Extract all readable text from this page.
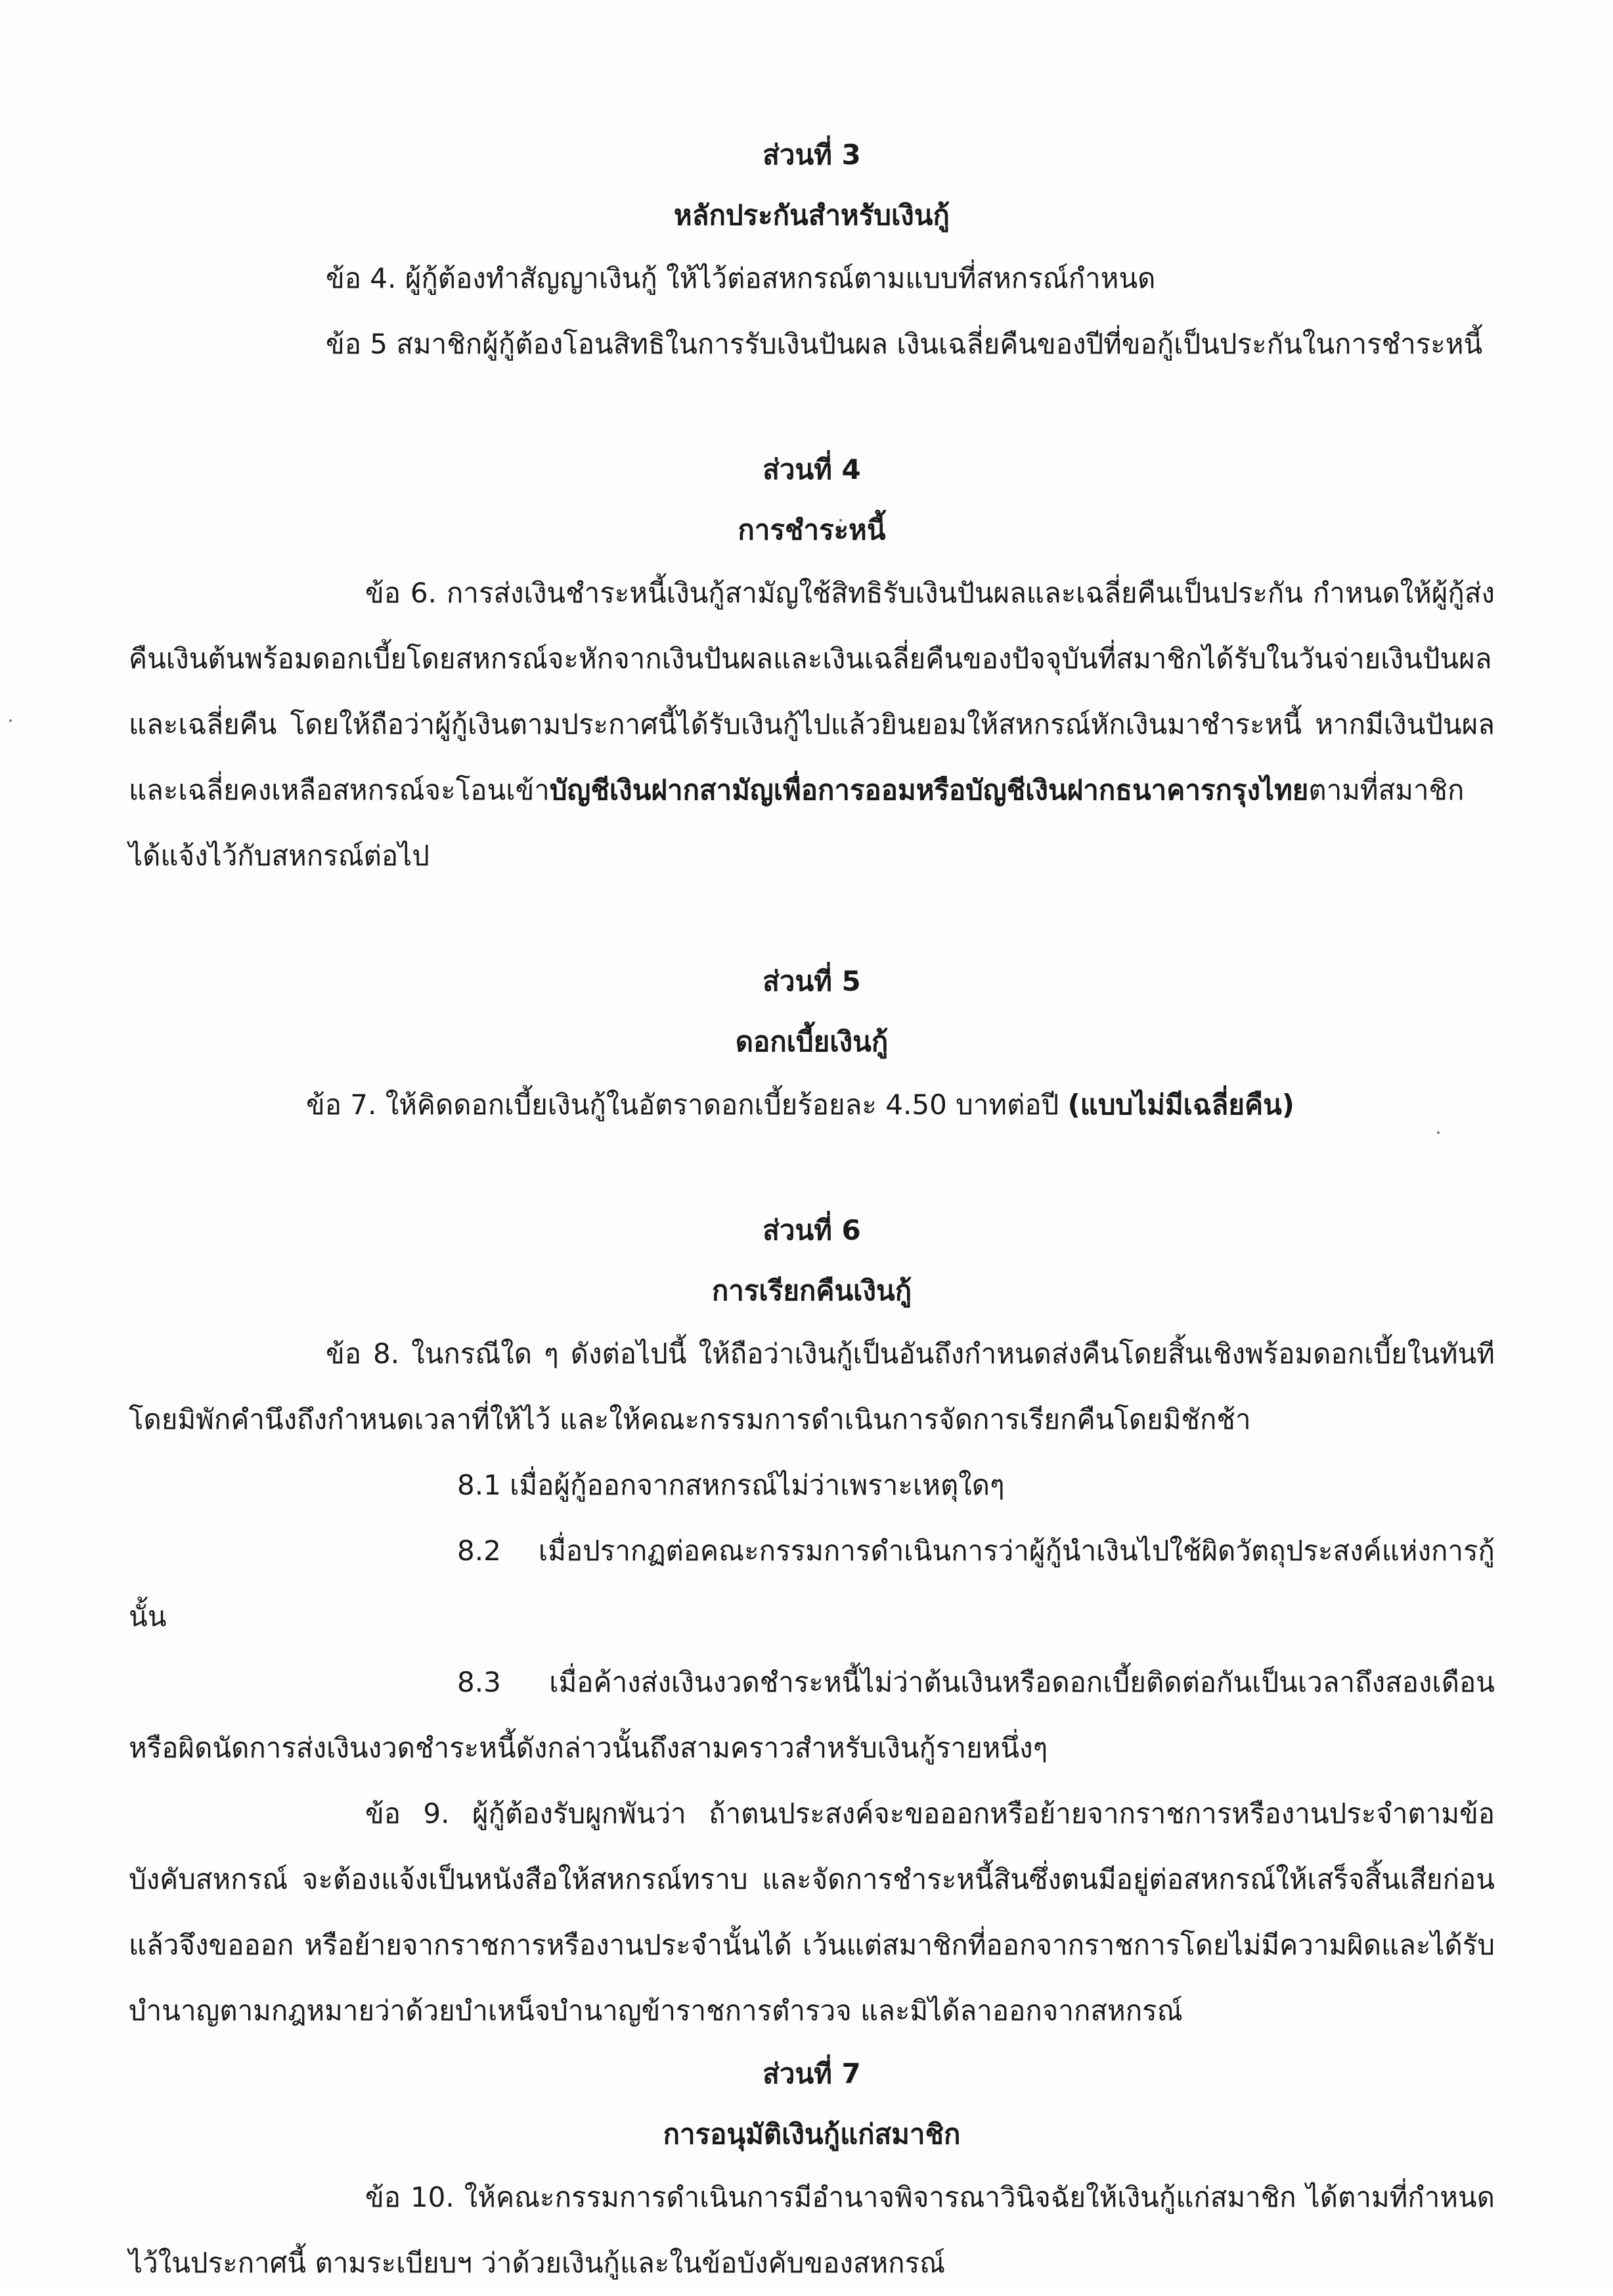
ส่วนที่ 3

หลักประกันสำหรับเงินกู้

ข้อ 4. ผู้กู้ต้องทำสัญญาเงินกู้ ให้ไว้ต่อสหกรณ์ตามแบบที่สหกรณ์กำหนด

ข้อ 5 สมาชิกผู้กู้ต้องโอนสิทธิในการรับเงินปันผล เงินเฉลี่ยคืนของปีที่ขอกู้เป็นประกันในการชำระหนี้

ส่วนที่ 4

การชำระหนี้

ข้อ 6. การส่งเงินชำระหนี้เงินกู้สามัญใช้สิทธิรับเงินปันผลและเฉลี่ยคืนเป็นประกัน กำหนดให้ผู้กู้ส่งคืนเงินต้นพร้อมดอกเบี้ยโดยสหกรณ์จะหักจากเงินปันผลและเงินเฉลี่ยคืนของปัจจุบันที่สมาชิกได้รับในวันจ่ายเงินปันผลและเฉลี่ยคืน โดยให้ถือว่าผู้กู้เงินตามประกาศนี้ได้รับเงินกู้ไปแล้วยินยอมให้สหกรณ์หักเงินมาชำระหนี้ หากมีเงินปันผลและเฉลี่ยคงเหลือสหกรณ์จะโอนเข้าบัญชีเงินฝากสามัญเพื่อการออมหรือบัญชีเงินฝากธนาคารกรุงไทยตามที่สมาชิกได้แจ้งไว้กับสหกรณ์ต่อไป

ส่วนที่ 5

ดอกเบี้ยเงินกู้

ข้อ 7. ให้คิดดอกเบี้ยเงินกู้ในอัตราดอกเบี้ยร้อยละ 4.50 บาทต่อปี (แบบไม่มีเฉลี่ยคืน)

ส่วนที่ 6

การเรียกคืนเงินกู้

ข้อ 8. ในกรณีใด ๆ ดังต่อไปนี้ ให้ถือว่าเงินกู้เป็นอันถึงกำหนดส่งคืนโดยสิ้นเชิงพร้อมดอกเบี้ยในทันทีโดยมิพักคำนึงถึงกำหนดเวลาที่ให้ไว้ และให้คณะกรรมการดำเนินการจัดการเรียกคืนโดยมิชักช้า

8.1 เมื่อผู้กู้ออกจากสหกรณ์ไม่ว่าเพราะเหตุใดๆ

8.2 เมื่อปรากฏต่อคณะกรรมการดำเนินการว่าผู้กู้นำเงินไปใช้ผิดวัตถุประสงค์แห่งการกู้นั้น

8.3 เมื่อค้างส่งเงินงวดชำระหนี้ไม่ว่าต้นเงินหรือดอกเบี้ยติดต่อกันเป็นเวลาถึงสองเดือนหรือผิดนัดการส่งเงินงวดชำระหนี้ดังกล่าวนั้นถึงสามคราวสำหรับเงินกู้รายหนึ่งๆ

ข้อ 9. ผู้กู้ต้องรับผูกพันว่า ถ้าตนประสงค์จะขอออกหรือย้ายจากราชการหรืองานประจำตามข้อบังคับสหกรณ์ จะต้องแจ้งเป็นหนังสือให้สหกรณ์ทราบ และจัดการชำระหนี้สินซึ่งตนมีอยู่ต่อสหกรณ์ให้เสร็จสิ้นเสียก่อนแล้วจึงขอออก หรือย้ายจากราชการหรืองานประจำนั้นได้ เว้นแต่สมาชิกที่ออกจากราชการโดยไม่มีความผิดและได้รับบำนาญตามกฎหมายว่าด้วยบำเหน็จบำนาญข้าราชการตำรวจ และมิได้ลาออกจากสหกรณ์

ส่วนที่ 7

การอนุมัติเงินกู้แก่สมาชิก

ข้อ 10. ให้คณะกรรมการดำเนินการมีอำนาจพิจารณาวินิจฉัยให้เงินกู้แก่สมาชิก ได้ตามที่กำหนดไว้ในประกาศนี้ ตามระเบียบฯ ว่าด้วยเงินกู้และในข้อบังคับของสหกรณ์
